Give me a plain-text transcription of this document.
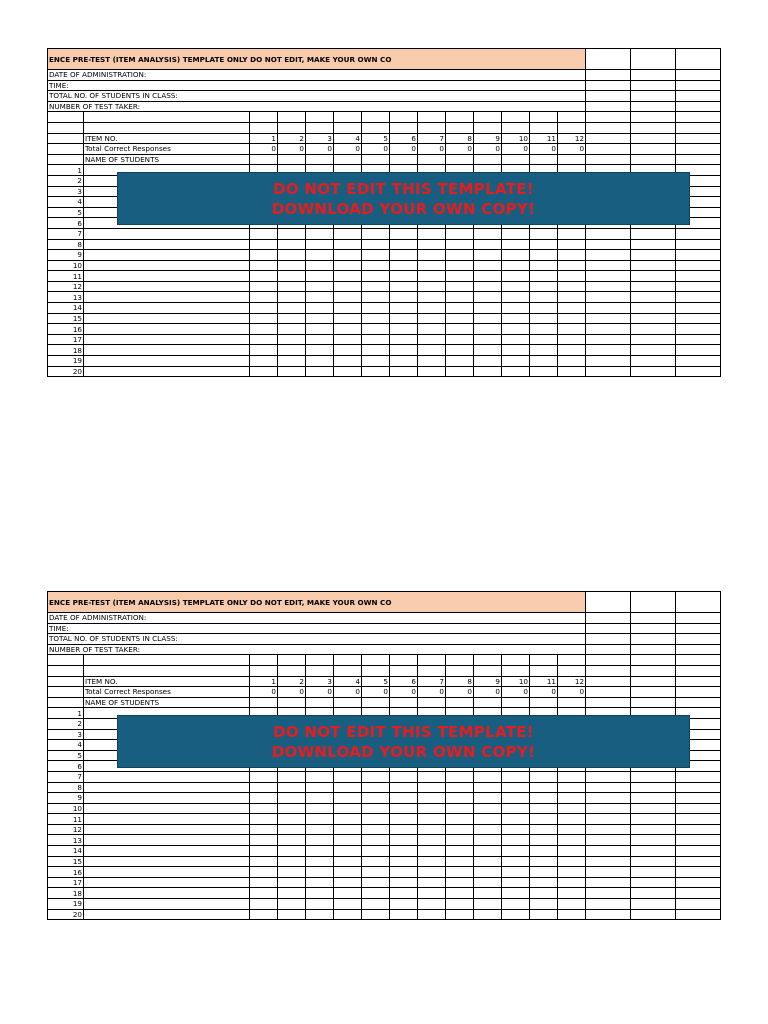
ENCE PRE-TEST (ITEM ANALYSIS) TEMPLATE ONLY DO NOT EDIT, MAKE YOUR OWN CO																
DATE OF ADMINISTRATION:																
TIME:																
TOTAL NO. OF STUDENTS IN CLASS:																
NUMBER OF TEST TAKER:																

	ITEM NO.	1	2	3	4	5	6	7	8	9	10	11	12			
	Total Correct Responses	0	0	0	0	0	0	0	0	0	0	0	0			
	NAME OF STUDENTS															
1																
2																
3																
4																
5																
6																
7																
8																
9																
10																
11																
12																
13																
14																
15																
16																
17																
18																
19																
20																
DO NOT EDIT THIS TEMPLATE!
DOWNLOAD YOUR OWN COPY!
ENCE PRE-TEST (ITEM ANALYSIS) TEMPLATE ONLY DO NOT EDIT, MAKE YOUR OWN CO																
DATE OF ADMINISTRATION:																
TIME:																
TOTAL NO. OF STUDENTS IN CLASS:																
NUMBER OF TEST TAKER:																

	ITEM NO.	1	2	3	4	5	6	7	8	9	10	11	12			
	Total Correct Responses	0	0	0	0	0	0	0	0	0	0	0	0			
	NAME OF STUDENTS															
1																
2																
3																
4																
5																
6																
7																
8																
9																
10																
11																
12																
13																
14																
15																
16																
17																
18																
19																
20																
DO NOT EDIT THIS TEMPLATE!
DOWNLOAD YOUR OWN COPY!
